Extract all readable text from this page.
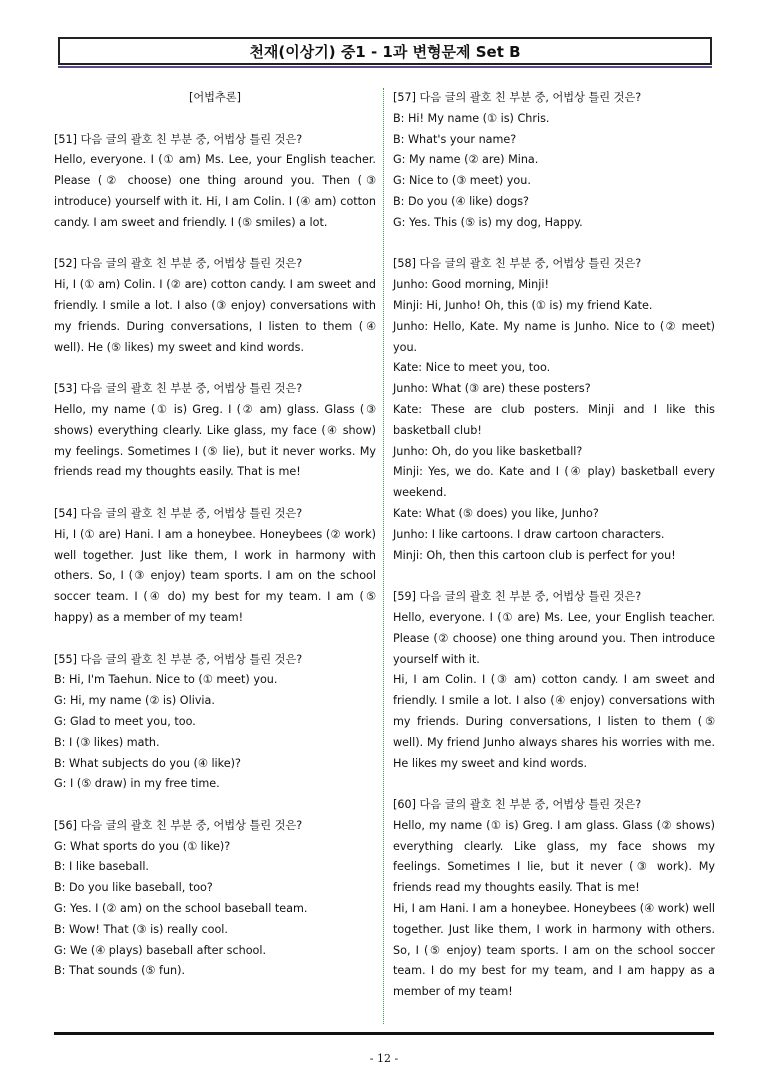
천재(이상기) 중1 - 1과 변형문제 Set B
[어법추론]
[51] 다음 글의 괄호 친 부분 중, 어법상 틀린 것은?
Hello, everyone. I (① am) Ms. Lee, your English teacher. Please (② choose) one thing around you. Then (③ introduce) yourself with it. Hi, I am Colin. I (④ am) cotton candy. I am sweet and friendly. I (⑤ smiles) a lot.
[52] 다음 글의 괄호 친 부분 중, 어법상 틀린 것은?
Hi, I (① am) Colin. I (② are) cotton candy. I am sweet and friendly. I smile a lot. I also (③ enjoy) conversations with my friends. During conversations, I listen to them (④ well). He (⑤ likes) my sweet and kind words.
[53] 다음 글의 괄호 친 부분 중, 어법상 틀린 것은?
Hello, my name (① is) Greg. I (② am) glass. Glass (③ shows) everything clearly. Like glass, my face (④ show) my feelings. Sometimes I (⑤ lie), but it never works. My friends read my thoughts easily. That is me!
[54] 다음 글의 괄호 친 부분 중, 어법상 틀린 것은?
Hi, I (① are) Hani. I am a honeybee. Honeybees (② work) well together. Just like them, I work in harmony with others. So, I (③ enjoy) team sports. I am on the school soccer team. I (④ do) my best for my team. I am (⑤ happy) as a member of my team!
[55] 다음 글의 괄호 친 부분 중, 어법상 틀린 것은?
B: Hi, I'm Taehun. Nice to (① meet) you.
G: Hi, my name (② is) Olivia.
G: Glad to meet you, too.
B: I (③ likes) math.
B: What subjects do you (④ like)?
G: I (⑤ draw) in my free time.
[56] 다음 글의 괄호 친 부분 중, 어법상 틀린 것은?
G: What sports do you (① like)?
B: I like baseball.
B: Do you like baseball, too?
G: Yes. I (② am) on the school baseball team.
B: Wow! That (③ is) really cool.
G: We (④ plays) baseball after school.
B: That sounds (⑤ fun).
[57] 다음 글의 괄호 친 부분 중, 어법상 틀린 것은?
B: Hi! My name (① is) Chris.
B: What's your name?
G: My name (② are) Mina.
G: Nice to (③ meet) you.
B: Do you (④ like) dogs?
G: Yes. This (⑤ is) my dog, Happy.
[58] 다음 글의 괄호 친 부분 중, 어법상 틀린 것은?
Junho: Good morning, Minji!
Minji: Hi, Junho! Oh, this (① is) my friend Kate.
Junho: Hello, Kate. My name is Junho. Nice to (② meet) you.
Kate: Nice to meet you, too.
Junho: What (③ are) these posters?
Kate: These are club posters. Minji and I like this basketball club!
Junho: Oh, do you like basketball?
Minji: Yes, we do. Kate and I (④ play) basketball every weekend.
Kate: What (⑤ does) you like, Junho?
Junho: I like cartoons. I draw cartoon characters.
Minji: Oh, then this cartoon club is perfect for you!
[59] 다음 글의 괄호 친 부분 중, 어법상 틀린 것은?
Hello, everyone. I (① are) Ms. Lee, your English teacher. Please (② choose) one thing around you. Then introduce yourself with it.
Hi, I am Colin. I (③ am) cotton candy. I am sweet and friendly. I smile a lot. I also (④ enjoy) conversations with my friends. During conversations, I listen to them (⑤ well). My friend Junho always shares his worries with me. He likes my sweet and kind words.
[60] 다음 글의 괄호 친 부분 중, 어법상 틀린 것은?
Hello, my name (① is) Greg. I am glass. Glass (② shows) everything clearly. Like glass, my face shows my feelings. Sometimes I lie, but it never (③ work). My friends read my thoughts easily. That is me!
Hi, I am Hani. I am a honeybee. Honeybees (④ work) well together. Just like them, I work in harmony with others. So, I (⑤ enjoy) team sports. I am on the school soccer team. I do my best for my team, and I am happy as a member of my team!
- 12 -
